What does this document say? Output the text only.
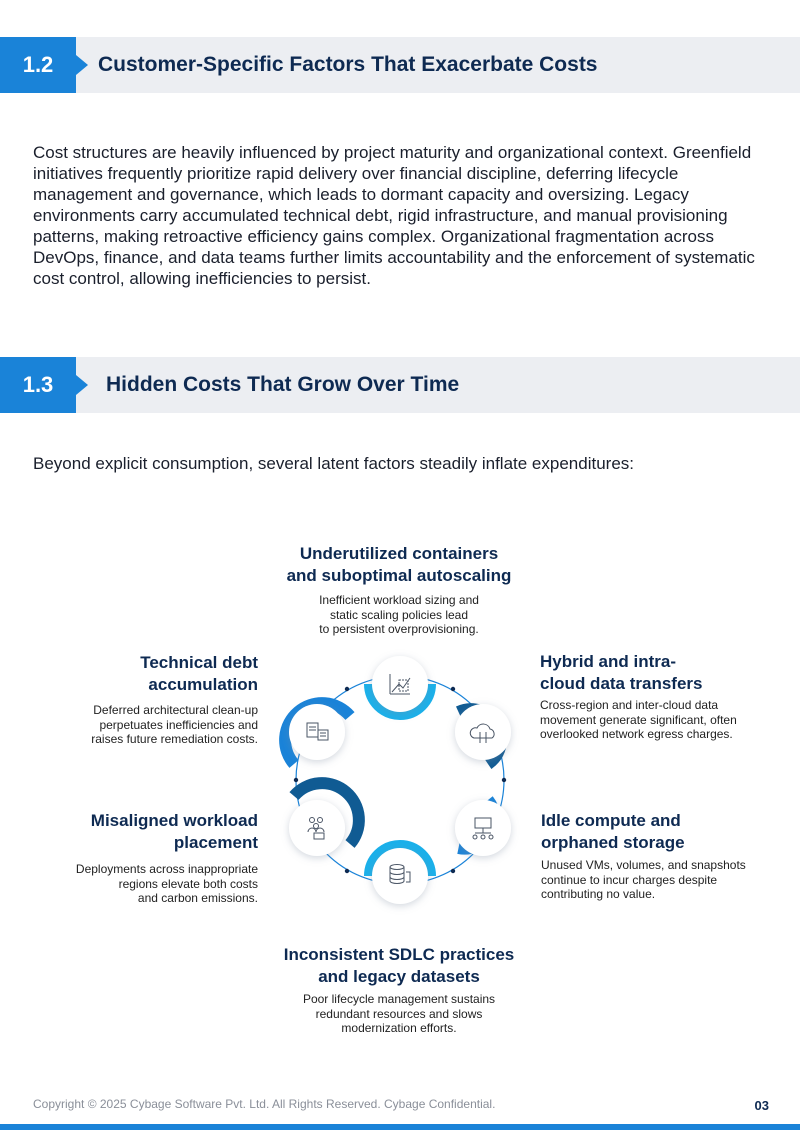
1.2	Customer-Specific Factors That Exacerbate Costs
Cost structures are heavily influenced by project maturity and organizational context. Greenfield initiatives frequently prioritize rapid delivery over financial discipline, deferring lifecycle management and governance, which leads to dormant capacity and oversizing. Legacy environments carry accumulated technical debt, rigid infrastructure, and manual provisioning patterns, making retroactive efficiency gains complex. Organizational fragmentation across DevOps, finance, and data teams further limits accountability and the enforcement of systematic cost control, allowing inefficiencies to persist.
1.3	Hidden Costs That Grow Over Time
Beyond explicit consumption, several latent factors steadily inflate expenditures:
Underutilized containers
and suboptimal autoscaling
Inefficient workload sizing and
static scaling policies lead
to persistent overprovisioning.
Hybrid and intra-
cloud data transfers
Cross-region and inter-cloud data
movement generate significant, often
overlooked network egress charges.
Idle compute and
orphaned storage
Unused VMs, volumes, and snapshots
continue to incur charges despite
contributing no value.
Inconsistent SDLC practices
and legacy datasets
Poor lifecycle management sustains
redundant resources and slows
modernization efforts.
Misaligned workload
placement
Deployments across inappropriate
regions elevate both costs
and carbon emissions.
Technical debt
accumulation
Deferred architectural clean-up
perpetuates inefficiencies and
raises future remediation costs.
Copyright © 2025 Cybage Software Pvt. Ltd. All Rights Reserved. Cybage Confidential.	03
